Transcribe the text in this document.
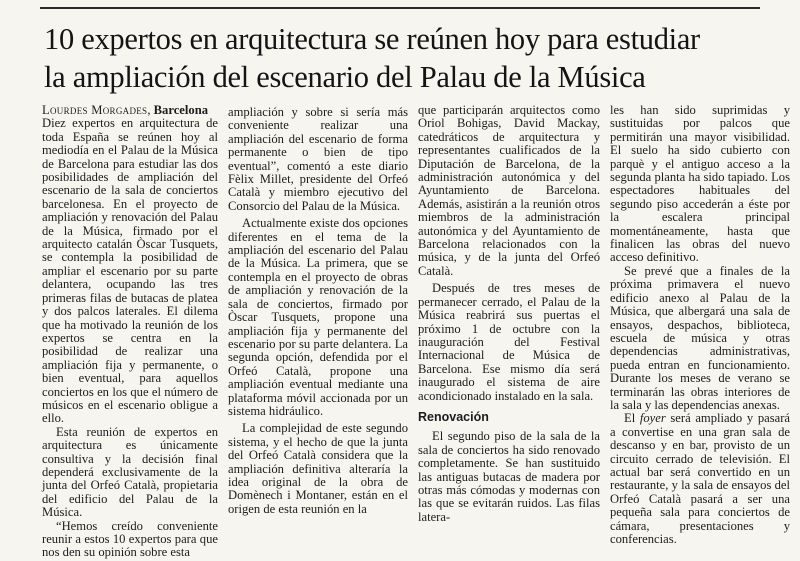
10 expertos en arquitectura se reúnen hoy para estudiar
la ampliación del escenario del Palau de la Música

Lourdes Morgades, Barcelona
Diez expertos en arquitectura de toda España se reúnen hoy al mediodía en el Palau de la Música de Barcelona para estudiar las dos posibilidades de ampliación del escenario de la sala de conciertos barcelonesa. En el proyecto de ampliación y renovación del Palau de la Música, firmado por el arquitecto catalán Òscar Tusquets, se contempla la posibilidad de ampliar el escenario por su parte delantera, ocupando las tres primeras filas de butacas de platea y dos palcos laterales. El dilema que ha motivado la reunión de los expertos se centra en la posibilidad de realizar una ampliación fija y permanente, o bien eventual, para aquellos conciertos en los que el número de músicos en el escenario obligue a ello.

Esta reunión de expertos en arquitectura es únicamente consultiva y la decisión final dependerá exclusivamente de la junta del Orfeó Català, propietaria del edificio del Palau de la Música.

“Hemos creído conveniente reunir a estos 10 expertos para que nos den su opinión sobre esta

ampliación y sobre si sería más conveniente realizar una ampliación del escenario de forma permanente o bien de tipo eventual”, comentó a este diario Fèlix Millet, presidente del Orfeó Català y miembro ejecutivo del Consorcio del Palau de la Música.

Actualmente existe dos opciones diferentes en el tema de la ampliación del escenario del Palau de la Música. La primera, que se contempla en el proyecto de obras de ampliación y renovación de la sala de conciertos, firmado por Òscar Tusquets, propone una ampliación fija y permanente del escenario por su parte delantera. La segunda opción, defendida por el Orfeó Català, propone una ampliación eventual mediante una plataforma móvil accionada por un sistema hidráulico.

La complejidad de este segundo sistema, y el hecho de que la junta del Orfeó Català considera que la ampliación definitiva alteraría la idea original de la obra de Domènech i Montaner, están en el origen de esta reunión en la

que participarán arquitectos como Oriol Bohigas, David Mackay, catedráticos de arquitectura y representantes cualificados de la Diputación de Barcelona, de la administración autonómica y del Ayuntamiento de Barcelona. Además, asistirán a la reunión otros miembros de la administración autonómica y del Ayuntamiento de Barcelona relacionados con la música, y de la junta del Orfeó Català.

Después de tres meses de permanecer cerrado, el Palau de la Música reabrirá sus puertas el próximo 1 de octubre con la inauguración del Festival Internacional de Música de Barcelona. Ese mismo día será inaugurado el sistema de aire acondicionado instalado en la sala.

Renovación

El segundo piso de la sala de la sala de conciertos ha sido renovado completamente. Se han sustituido las antiguas butacas de madera por otras más cómodas y modernas con las que se evitarán ruidos. Las filas latera-

les han sido suprimidas y sustituidas por palcos que permitirán una mayor visibilidad. El suelo ha sido cubierto con parquè y el antiguo acceso a la segunda planta ha sido tapiado. Los espectadores habituales del segundo piso accederán a éste por la escalera principal momentáneamente, hasta que finalicen las obras del nuevo acceso definitivo.

Se prevé que a finales de la próxima primavera el nuevo edificio anexo al Palau de la Música, que albergará una sala de ensayos, despachos, biblioteca, escuela de música y otras dependencias administrativas, pueda entran en funcionamiento. Durante los meses de verano se terminarán las obras interiores de la sala y las dependencias anexas.

El foyer será ampliado y pasará a convertise en una gran sala de descanso y en bar, provisto de un circuito cerrado de televisión. El actual bar será convertido en un restaurante, y la sala de ensayos del Orfeó Català pasará a ser una pequeña sala para conciertos de cámara, presentaciones y conferencias.
